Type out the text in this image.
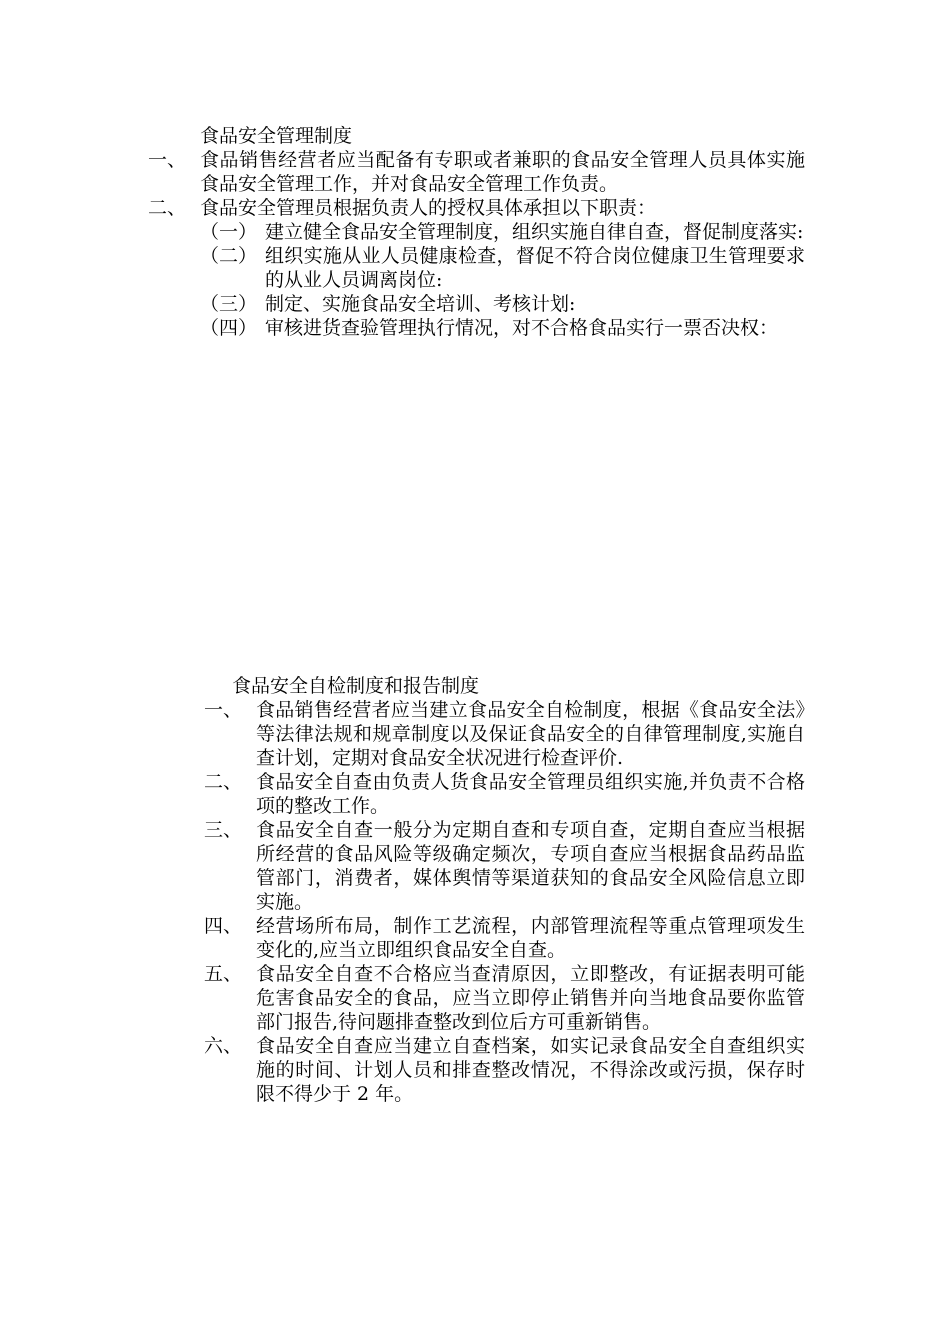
食品安全管理制度
一、 食品销售经营者应当配备有专职或者兼职的食品安全管理人员具体实施食品安全管理工作，并对食品安全管理工作负责。
二、 食品安全管理员根据负责人的授权具体承担以下职责：
（一） 建立健全食品安全管理制度，组织实施自律自查，督促制度落实:
（二） 组织实施从业人员健康检查，督促不符合岗位健康卫生管理要求的从业人员调离岗位:
（三） 制定、实施食品安全培训、考核计划:
（四） 审核进货查验管理执行情况，对不合格食品实行一票否决权：
食品安全自检制度和报告制度
一、 食品销售经营者应当建立食品安全自检制度，根据《食品安全法》等法律法规和规章制度以及保证食品安全的自律管理制度,实施自查计划，定期对食品安全状况进行检查评价.
二、 食品安全自查由负责人货食品安全管理员组织实施,并负责不合格项的整改工作。
三、 食品安全自查一般分为定期自查和专项自查，定期自查应当根据所经营的食品风险等级确定频次，专项自查应当根据食品药品监管部门，消费者，媒体舆情等渠道获知的食品安全风险信息立即实施。
四、 经营场所布局，制作工艺流程，内部管理流程等重点管理项发生变化的,应当立即组织食品安全自查。
五、 食品安全自查不合格应当查清原因，立即整改，有证据表明可能危害食品安全的食品，应当立即停止销售并向当地食品要你监管部门报告,待问题排查整改到位后方可重新销售。
六、 食品安全自查应当建立自查档案，如实记录食品安全自查组织实施的时间、计划人员和排查整改情况，不得涂改或污损，保存时限不得少于 2 年。
